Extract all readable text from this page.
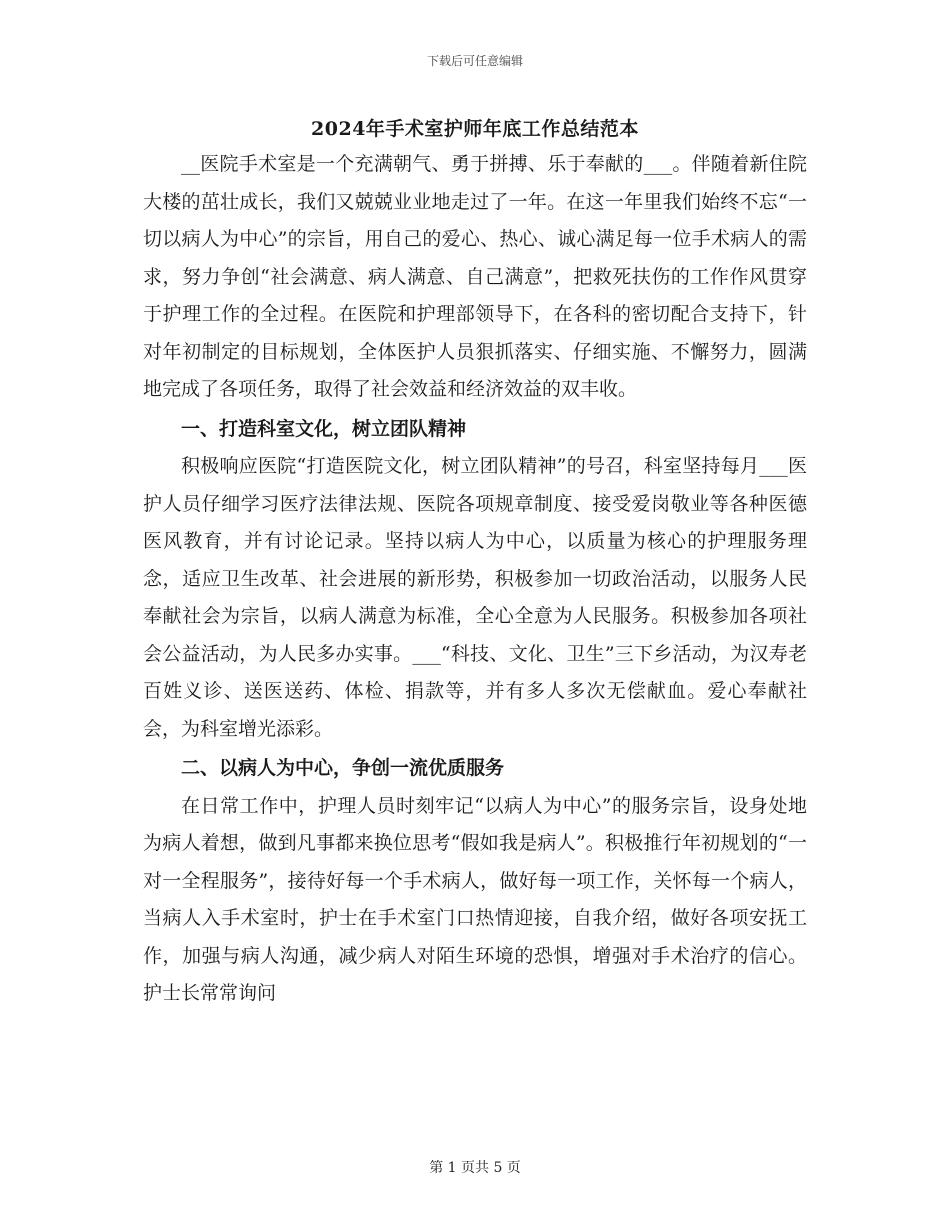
下载后可任意编辑
2024年手术室护师年底工作总结范本

__医院手术室是一个充满朝气、勇于拼搏、乐于奉献的___。伴随着新住院大楼的茁壮成长，我们又兢兢业业地走过了一年。在这一年里我们始终不忘“一切以病人为中心”的宗旨，用自己的爱心、热心、诚心满足每一位手术病人的需求，努力争创“社会满意、病人满意、自己满意”，把救死扶伤的工作作风贯穿于护理工作的全过程。在医院和护理部领导下，在各科的密切配合支持下，针对年初制定的目标规划，全体医护人员狠抓落实、仔细实施、不懈努力，圆满地完成了各项任务，取得了社会效益和经济效益的双丰收。

一、打造科室文化，树立团队精神

积极响应医院“打造医院文化，树立团队精神”的号召，科室坚持每月___医护人员仔细学习医疗法律法规、医院各项规章制度、接受爱岗敬业等各种医德医风教育，并有讨论记录。坚持以病人为中心，以质量为核心的护理服务理念，适应卫生改革、社会进展的新形势，积极参加一切政治活动，以服务人民奉献社会为宗旨，以病人满意为标准，全心全意为人民服务。积极参加各项社会公益活动，为人民多办实事。___“科技、文化、卫生”三下乡活动，为汉寿老百姓义诊、送医送药、体检、捐款等，并有多人多次无偿献血。爱心奉献社会，为科室增光添彩。

二、以病人为中心，争创一流优质服务

在日常工作中，护理人员时刻牢记“以病人为中心”的服务宗旨，设身处地为病人着想，做到凡事都来换位思考“假如我是病人”。积极推行年初规划的“一对一全程服务”，接待好每一个手术病人，做好每一项工作，关怀每一个病人，当病人入手术室时，护士在手术室门口热情迎接，自我介绍，做好各项安抚工作，加强与病人沟通，减少病人对陌生环境的恐惧，增强对手术治疗的信心。护士长常常询问

第 1 页共 5 页
